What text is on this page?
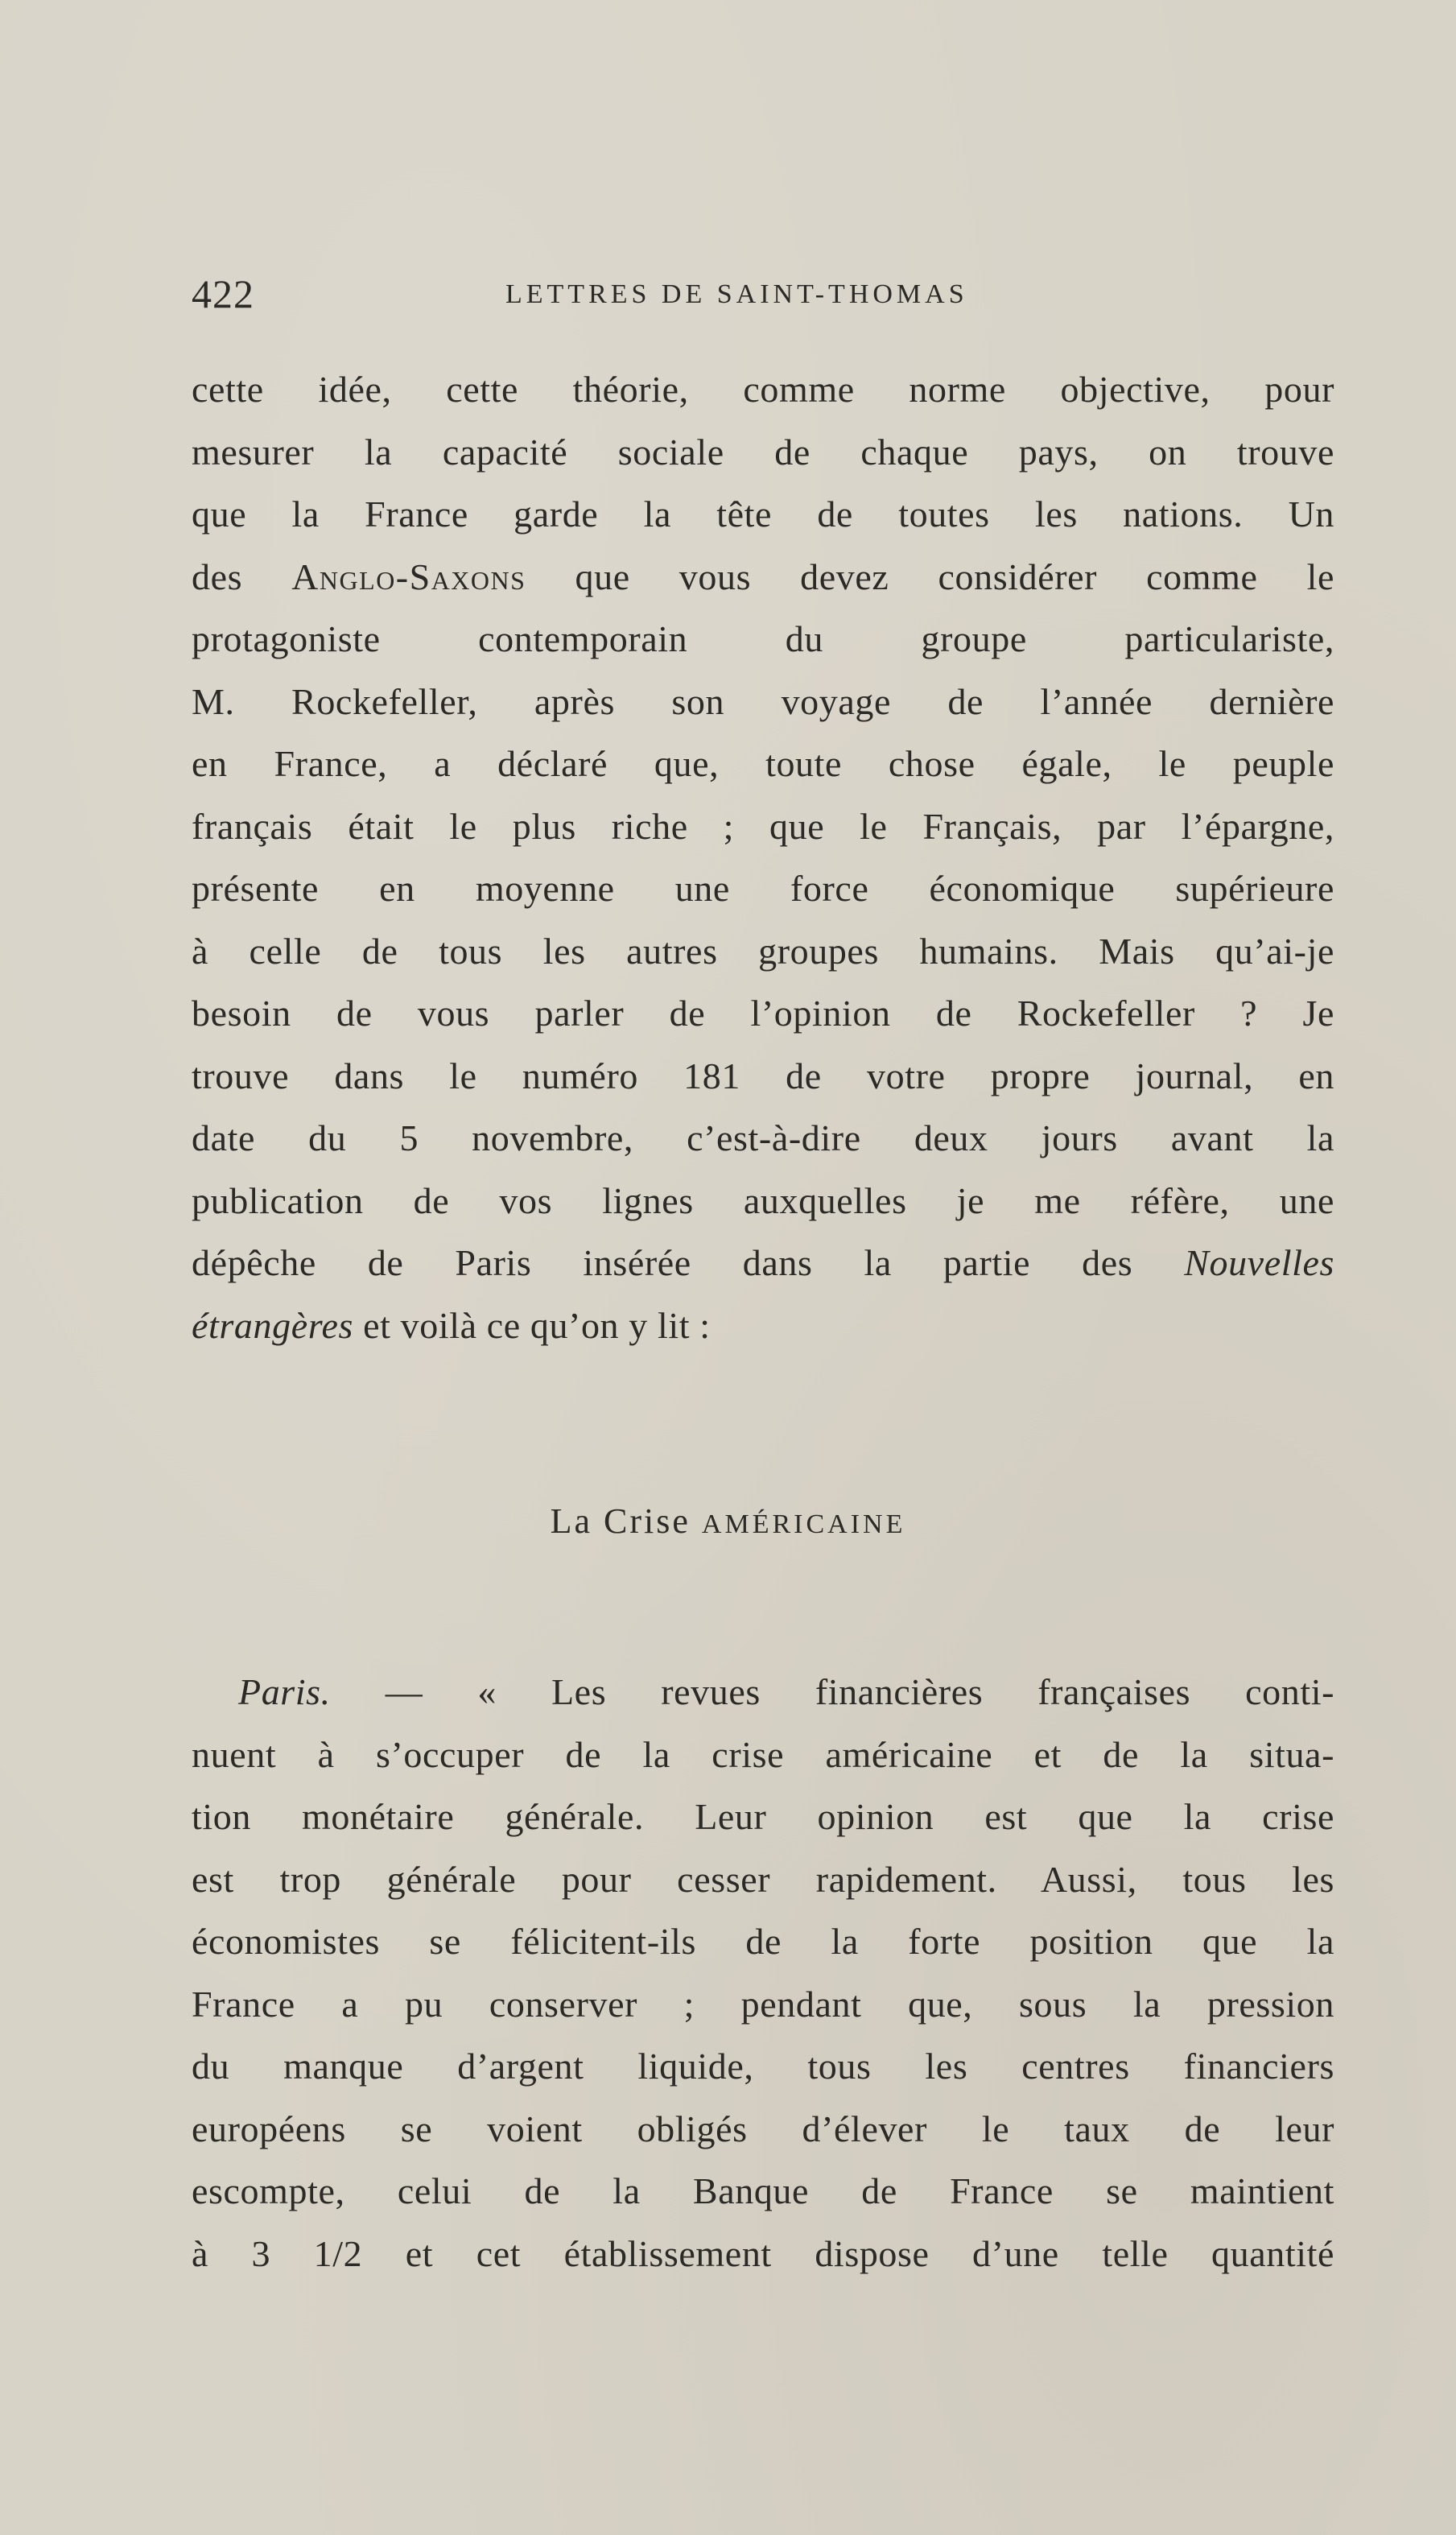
422	LETTRES DE SAINT-THOMAS
cette idée, cette théorie, comme norme objective, pour
mesurer la capacité sociale de chaque pays, on trouve
que la France garde la tête de toutes les nations. Un
des Anglo-Saxons que vous devez considérer comme le
protagoniste contemporain du groupe particulariste,
M. Rockefeller, après son voyage de l’année dernière
en France, a déclaré que, toute chose égale, le peuple
français était le plus riche ; que le Français, par l’épargne,
présente en moyenne une force économique supérieure
à celle de tous les autres groupes humains. Mais qu’ai-je
besoin de vous parler de l’opinion de Rockefeller ? Je
trouve dans le numéro 181 de votre propre journal, en
date du 5 novembre, c’est-à-dire deux jours avant la
publication de vos lignes auxquelles je me réfère, une
dépêche de Paris insérée dans la partie des Nouvelles
étrangères et voilà ce qu’on y lit :
La Crise AMÉRICAINE
Paris. — « Les revues financières françaises conti-
nuent à s’occuper de la crise américaine et de la situa-
tion monétaire générale. Leur opinion est que la crise
est trop générale pour cesser rapidement. Aussi, tous les
économistes se félicitent-ils de la forte position que la
France a pu conserver ; pendant que, sous la pression
du manque d’argent liquide, tous les centres financiers
européens se voient obligés d’élever le taux de leur
escompte, celui de la Banque de France se maintient
à 3 1/2 et cet établissement dispose d’une telle quantité
